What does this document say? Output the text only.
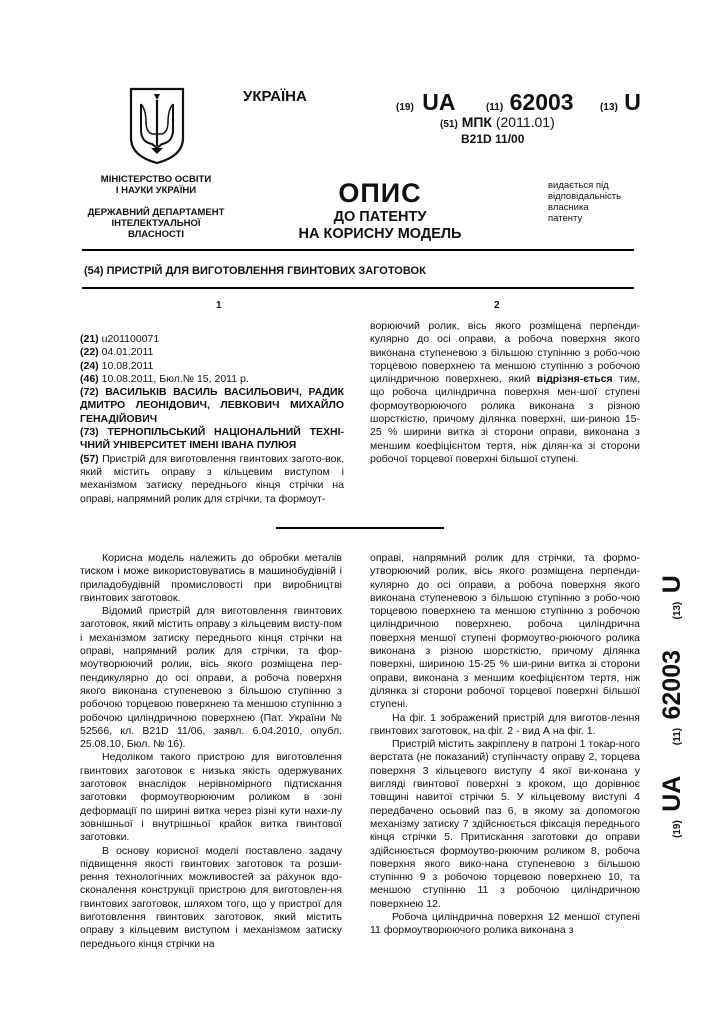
УКРАЇНА
(19) UA	(11) 62003	(13) U
(51) МПК (2011.01)
B21D 11/00
МІНІСТЕРСТВО ОСВІТИ
І НАУКИ УКРАЇНИ
ДЕРЖАВНИЙ ДЕПАРТАМЕНТ
ІНТЕЛЕКТУАЛЬНОЇ
ВЛАСНОСТІ
ОПИС
ДО ПАТЕНТУ
НА КОРИСНУ МОДЕЛЬ
видається під
відповідальність
власника
патенту
(54) ПРИСТРІЙ ДЛЯ ВИГОТОВЛЕННЯ ГВИНТОВИХ ЗАГОТОВОК
1	2

(21) u201100071

(22) 04.01.2011

(24) 10.08.2011

(46) 10.08.2011, Бюл.№ 15, 2011 р.

(72) ВАСИЛЬКІВ ВАСИЛЬ ВАСИЛЬОВИЧ, РАДИК ДМИТРО ЛЕОНІДОВИЧ, ЛЕВКОВИЧ МИХАЙЛО ГЕНАДІЙОВИЧ

(73) ТЕРНОПІЛЬСЬКИЙ НАЦІОНАЛЬНИЙ ТЕХНІ-ЧНИЙ УНІВЕРСИТЕТ ІМЕНІ ІВАНА ПУЛЮЯ

(57) Пристрій для виготовлення гвинтових загото-вок, який містить оправу з кільцевим виступом і механізмом затиску переднього кінця стрічки на оправі, напрямний ролик для стрічки, та формоут-

ворюючий ролик, вісь якого розміщена перпенди-кулярно до осі оправи, а робоча поверхня якого виконана ступеневою з більшою ступінню з робо-чою торцевою поверхнею та меншою ступінню з робочою циліндричною поверхнею, який відрізня-ється тим, що робоча циліндрична поверхня мен-шої ступені формоутворюючого ролика виконана з різною шорсткістю, причому ділянка поверхні, ши-риною 15-25 % ширини витка зі сторони оправи, виконана з меншим коефіцієнтом тертя, ніж ділян-ка зі сторони робочої торцевої поверхні більшої ступені.

Корисна модель належить до обробки металів тиском і може використовуватись в машинобудівній і приладобудівній промисловості при виробництві гвинтових заготовок.

Відомий пристрій для виготовлення гвинтових заготовок, який містить оправу з кільцевим висту-пом і механізмом затиску переднього кінця стрічки на оправі, напрямний ролик для стрічки, та фор-моутворюючий ролик, вісь якого розміщена пер-пендикулярно до осі оправи, а робоча поверхня якого виконана ступеневою з більшою ступінню з робочою торцевою поверхнею та меншою ступінню з робочою циліндричною поверхнею (Пат. України № 52566, кл. B21D 11/06, заявл. 6.04.2010, опубл. 25.08.10, Бюл. № 16).

Недоліком такого пристрою для виготовлення гвинтових заготовок є низька якість одержуваних заготовок внаслідок нерівномірного підтискання заготовки формоутворюючим роликом в зоні деформації по ширині витка через різні кути нахи-лу зовнішньої і внутрішньої крайок витка гвинтової заготовки.

В основу корисної моделі поставлено задачу підвищення якості гвинтових заготовок та розши-рення технологічних можливостей за рахунок вдо-сконалення конструкції пристрою для виготовлен-ня гвинтових заготовок, шляхом того, що у пристрої для виготовлення гвинтових заготовок, який містить оправу з кільцевим виступом і механізмом затиску переднього кінця стрічки на

оправі, напрямний ролик для стрічки, та формо-утворюючий ролик, вісь якого розміщена перпенди-кулярно до осі оправи, а робоча поверхня якого виконана ступеневою з більшою ступінню з робо-чою торцевою поверхнею та меншою ступінню з робочою циліндричною поверхнею, робоча циліндрична поверхня меншої ступені формоутво-рюючого ролика виконана з різною шорсткістю, причому ділянка поверхні, шириною 15-25 % ши-рини витка зі сторони оправи, виконана з меншим коефіцієнтом тертя, ніж ділянка зі сторони робочої торцевої поверхні більшої ступені.

На фіг. 1 зображений пристрій для виготов-лення гвинтових заготовок, на фіг. 2 - вид А на фіг. 1.

Пристрій містить закріплену в патроні 1 токар-ного верстата (не показаний) ступінчасту оправу 2, торцева поверхня 3 кільцевого виступу 4 якої ви-конана у вигляді гвинтової поверхні з кроком, що дорівнює товщині навитої стрічки 5. У кільцевому виступі 4 передбачено осьовий паз 6, в якому за допомогою механізму затиску 7 здійснюється фіксація переднього кінця стрічки 5. Притискання заготовки до оправи здійснюється формоутво-рюючим роликом 8, робоча поверхня якого вико-нана ступеневою з більшою ступінню 9 з робочою торцевою поверхнею 10, та меншою ступінню 11 з робочою циліндричною поверхнею 12.

Робоча циліндрична поверхня 12 меншої ступені 11 формоутворюючого ролика виконана з

(19) UA (11) 62003 (13) U
